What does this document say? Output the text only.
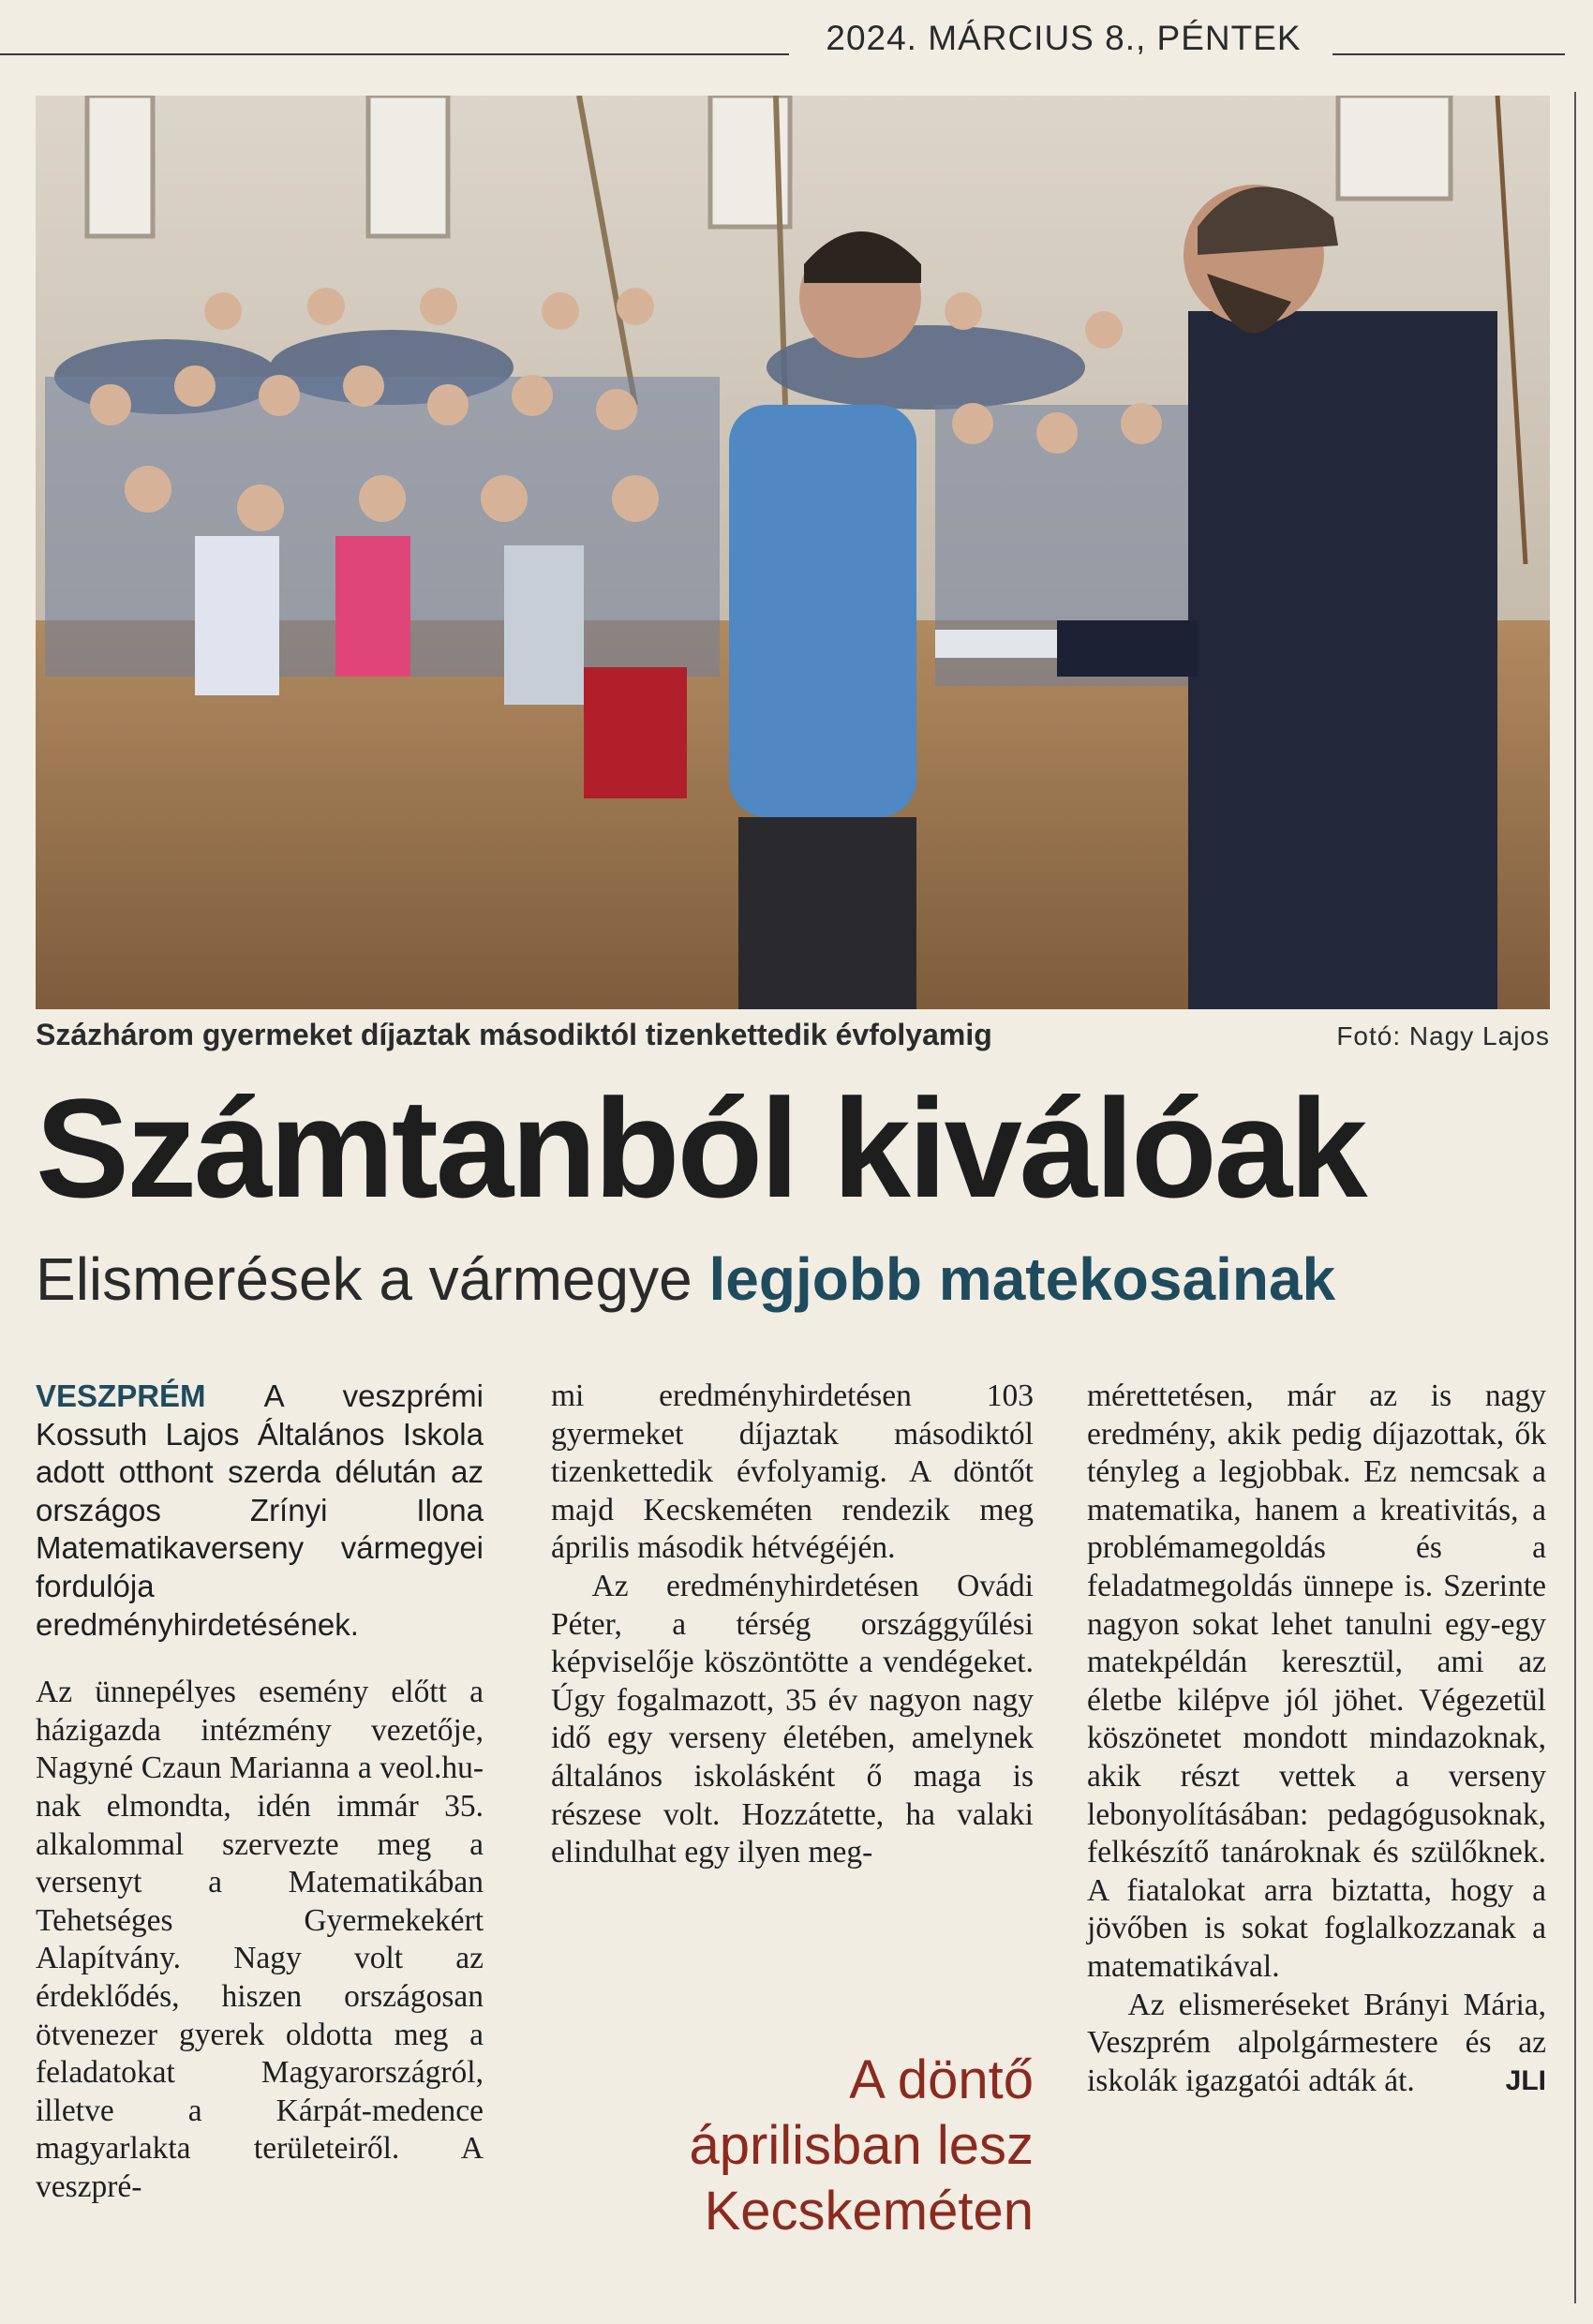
2024. MÁRCIUS 8., PÉNTEK
Százhárom gyermeket díjaztak másodiktól tizenkettedik évfolyamig	Fotó: Nagy Lajos
Számtanból kiválóak
Elismerések a vármegye legjobb matekosainak

VESZPRÉM A veszprémi Kossuth Lajos Általános Iskola adott otthont szerda délután az országos Zrínyi Ilona Matematikaverseny vármegyei fordulója eredményhirdetésének.

Az ünnepélyes esemény előtt a házigazda intézmény vezetője, Nagyné Czaun Marianna a veol.hu-nak elmondta, idén immár 35. alkalommal szervezte meg a versenyt a Matematikában Tehetséges Gyermekekért Alapítvány. Nagy volt az érdeklődés, hiszen országosan ötvenezer gyerek oldotta meg a feladatokat Magyarországról, illetve a Kárpát-medence magyarlakta területeiről. A veszpré-

mi eredményhirdetésen 103 gyermeket díjaztak másodiktól tizenkettedik évfolyamig. A döntőt majd Kecskeméten rendezik meg április második hétvégéjén.

Az eredményhirdetésen Ovádi Péter, a térség országgyűlési képviselője köszöntötte a vendégeket. Úgy fogalmazott, 35 év nagyon nagy idő egy verseny életében, amelynek általános iskolásként ő maga is részese volt. Hozzátette, ha valaki elindulhat egy ilyen meg-

A döntő
áprilisban lesz
Kecskeméten

mérettetésen, már az is nagy eredmény, akik pedig díjazottak, ők tényleg a legjobbak. Ez nemcsak a matematika, hanem a kreativitás, a problémamegoldás és a feladatmegoldás ünnepe is. Szerinte nagyon sokat lehet tanulni egy-egy matekpéldán keresztül, ami az életbe kilépve jól jöhet. Végezetül köszönetet mondott mindazoknak, akik részt vettek a verseny lebonyolításában: pedagógusoknak, felkészítő tanároknak és szülőknek. A fiatalokat arra biztatta, hogy a jövőben is sokat foglalkozzanak a matematikával.

Az elismeréseket Brányi Mária, Veszprém alpolgármestere és az iskolák igazgatói adták át.	JLI
